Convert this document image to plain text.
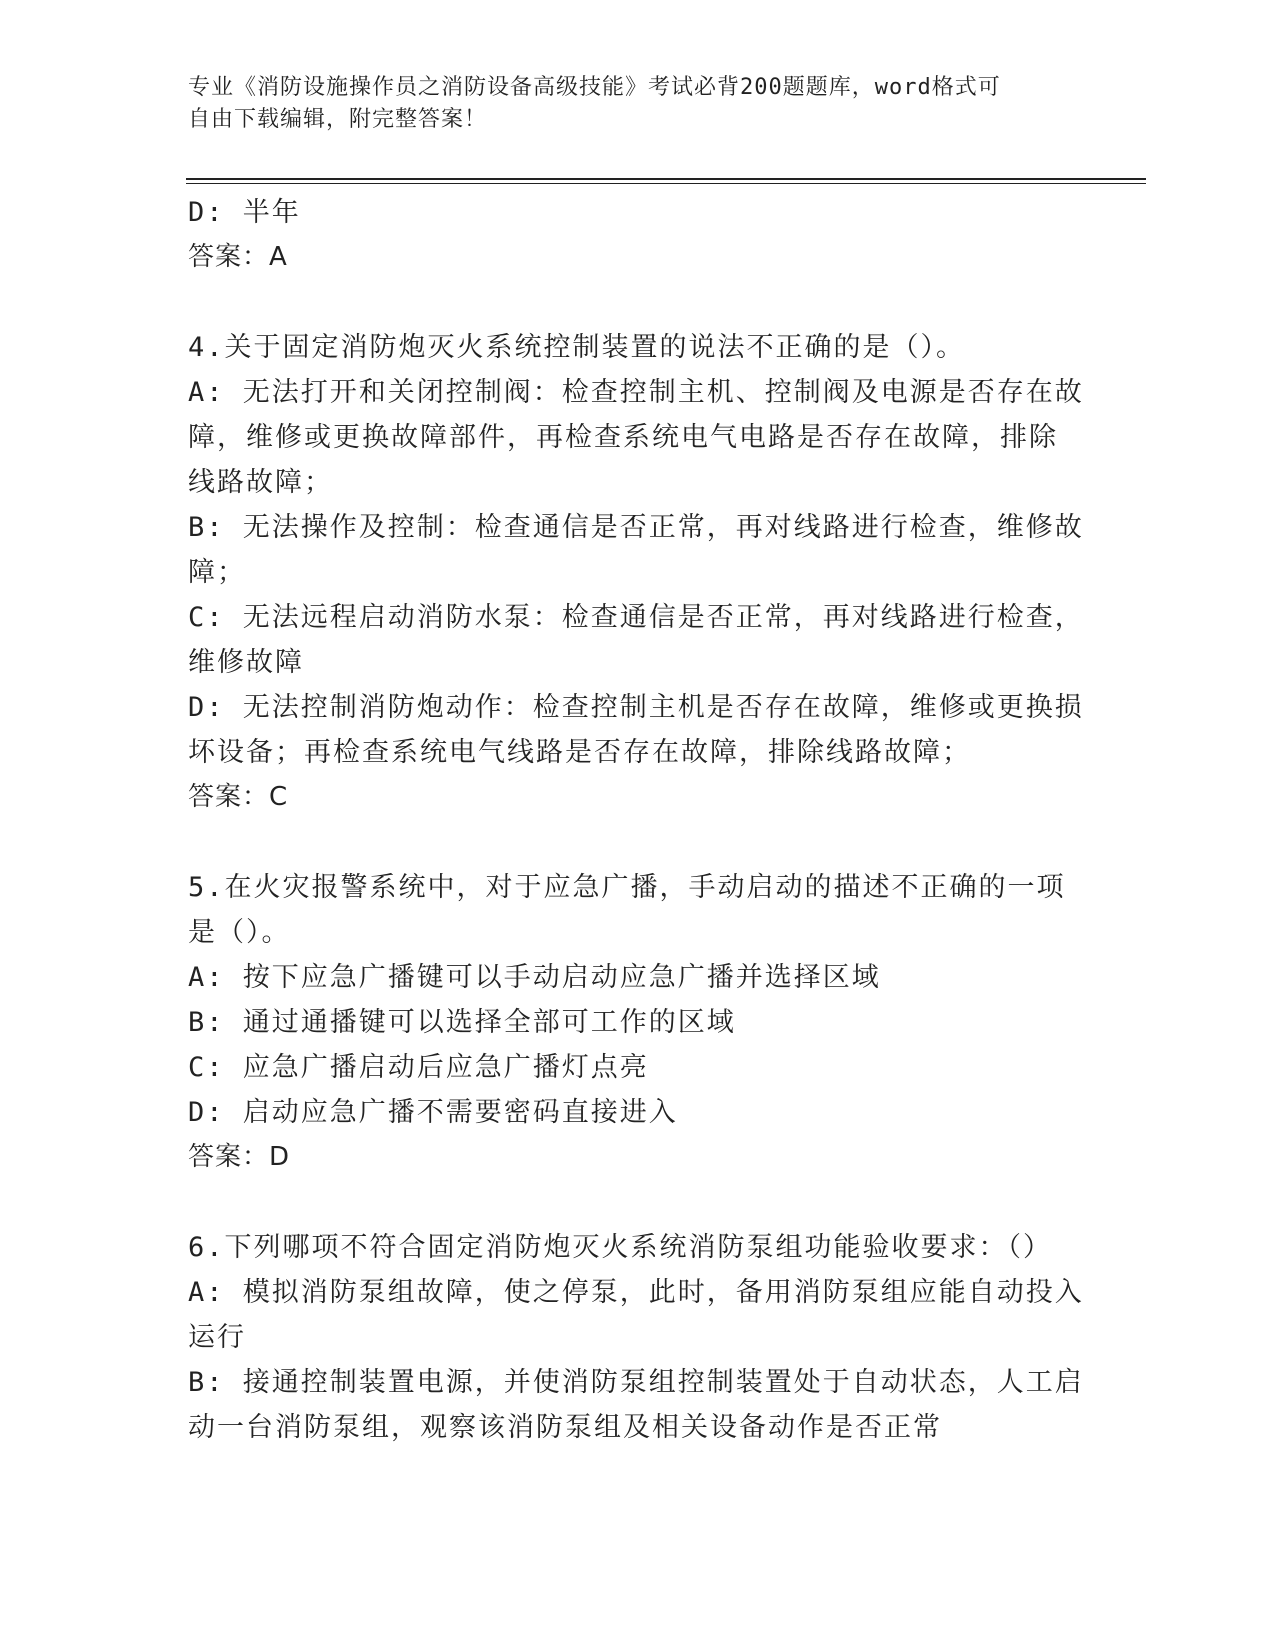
专业《消防设施操作员之消防设备高级技能》考试必背200题题库，word格式可
自由下载编辑，附完整答案！
D: 半年
答案：A
4.关于固定消防炮灭火系统控制装置的说法不正确的是（）。
A: 无法打开和关闭控制阀：检查控制主机、控制阀及电源是否存在故
障，维修或更换故障部件，再检查系统电气电路是否存在故障，排除
线路故障；
B: 无法操作及控制：检查通信是否正常，再对线路进行检查，维修故
障；
C: 无法远程启动消防水泵：检查通信是否正常，再对线路进行检查，
维修故障
D: 无法控制消防炮动作：检查控制主机是否存在故障，维修或更换损
坏设备；再检查系统电气线路是否存在故障，排除线路故障；
答案：C
5.在火灾报警系统中，对于应急广播，手动启动的描述不正确的一项
是（）。
A: 按下应急广播键可以手动启动应急广播并选择区域
B: 通过通播键可以选择全部可工作的区域
C: 应急广播启动后应急广播灯点亮
D: 启动应急广播不需要密码直接进入
答案：D
6.下列哪项不符合固定消防炮灭火系统消防泵组功能验收要求：（）
A: 模拟消防泵组故障，使之停泵，此时，备用消防泵组应能自动投入
运行
B: 接通控制装置电源，并使消防泵组控制装置处于自动状态，人工启
动一台消防泵组，观察该消防泵组及相关设备动作是否正常
